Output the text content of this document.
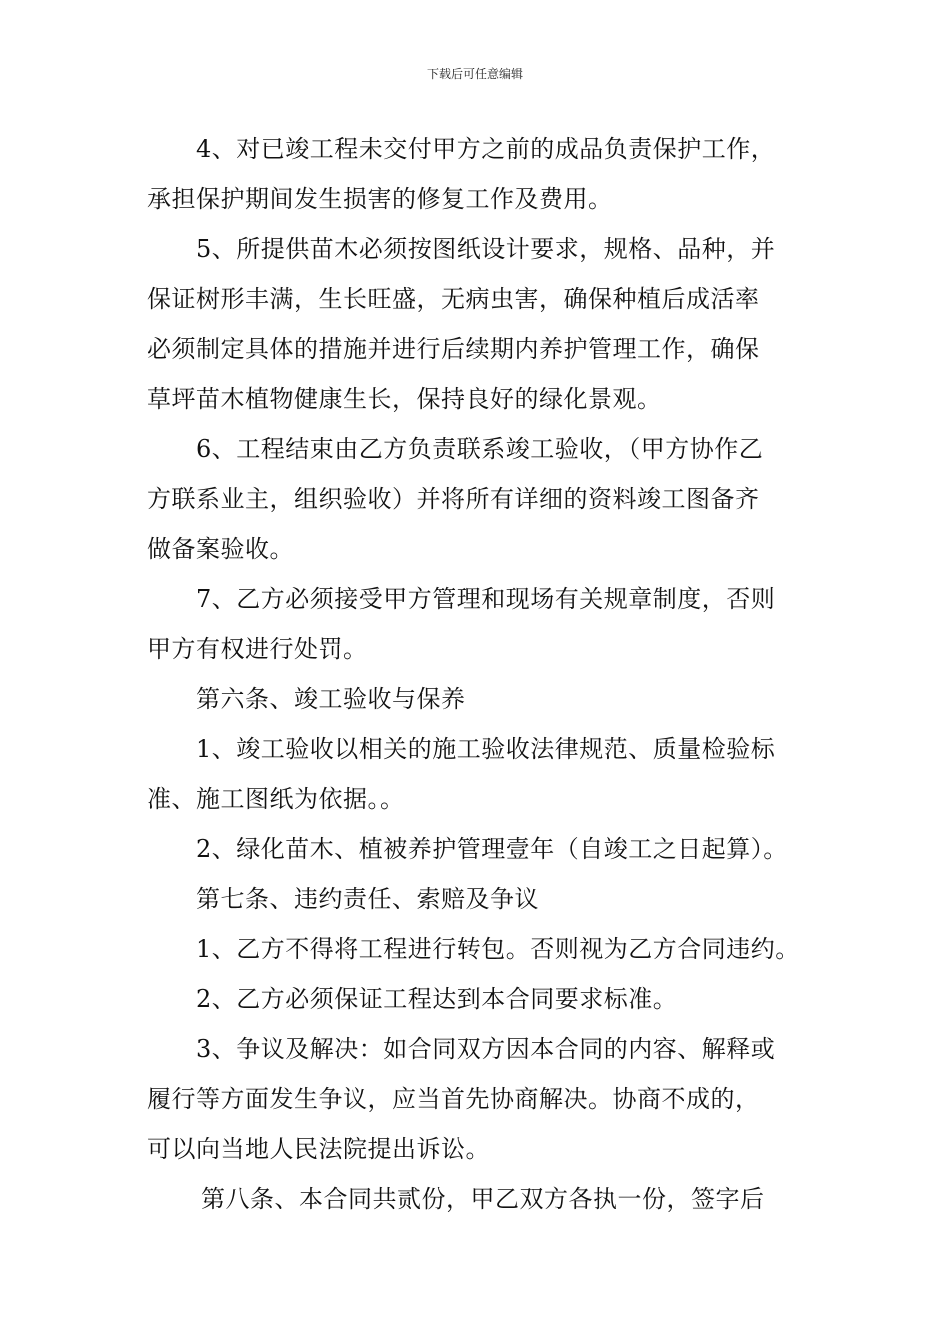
下载后可任意编辑
4、对已竣工程未交付甲方之前的成品负责保护工作，
承担保护期间发生损害的修复工作及费用。
5、所提供苗木必须按图纸设计要求，规格、品种，并
保证树形丰满，生长旺盛，无病虫害，确保种植后成活率
必须制定具体的措施并进行后续期内养护管理工作，确保
草坪苗木植物健康生长，保持良好的绿化景观。
6、工程结束由乙方负责联系竣工验收，（甲方协作乙
方联系业主，组织验收）并将所有详细的资料竣工图备齐
做备案验收。
7、乙方必须接受甲方管理和现场有关规章制度，否则
甲方有权进行处罚。
第六条、竣工验收与保养
1、竣工验收以相关的施工验收法律规范、质量检验标
准、施工图纸为依据。。
2、绿化苗木、植被养护管理壹年（自竣工之日起算）。
第七条、违约责任、索赔及争议
1、乙方不得将工程进行转包。否则视为乙方合同违约。
2、乙方必须保证工程达到本合同要求标准。
3、争议及解决：如合同双方因本合同的内容、解释或
履行等方面发生争议，应当首先协商解决。协商不成的，
可以向当地人民法院提出诉讼。
第八条、本合同共贰份，甲乙双方各执一份，签字后
